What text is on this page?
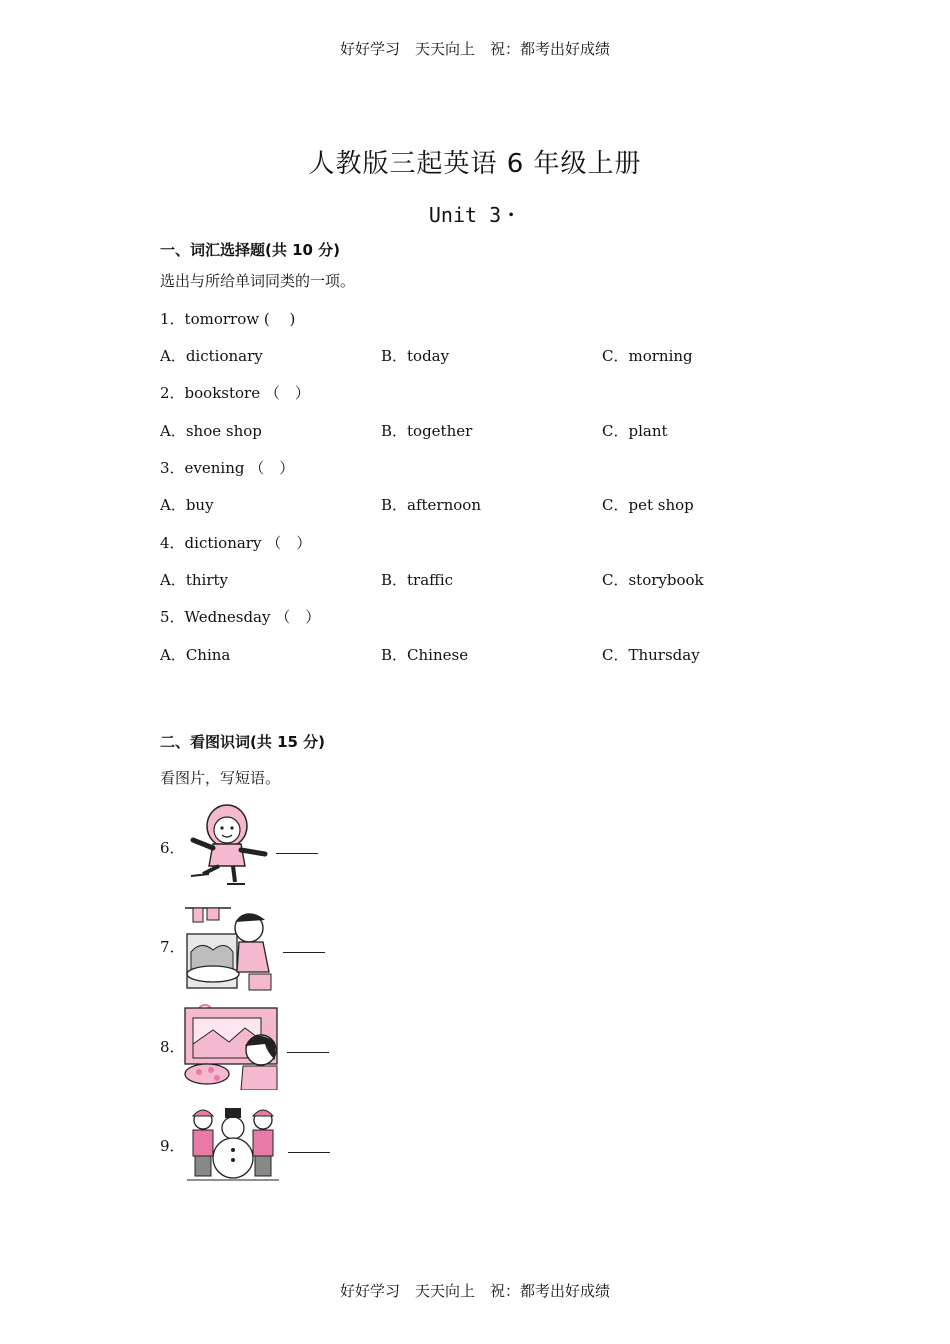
好好学习　天天向上　祝：都考出好成绩
人教版三起英语 6 年级上册
Unit 3・
一、词汇选择题(共 10 分)
选出与所给单词同类的一项。
1．tomorrow (　 )
A．dictionary	B．today	C．morning
2．bookstore （　）
A．shoe shop	B．together	C．plant
3．evening （　）
A．buy	B．afternoon	C．pet shop
4．dictionary （　）
A．thirty	B．traffic	C．storybook
5．Wednesday （　）
A．China	B．Chinese	C．Thursday
二、看图识词(共 15 分)
看图片，写短语。
6．
7．
8．
9．
好好学习　天天向上　祝：都考出好成绩
